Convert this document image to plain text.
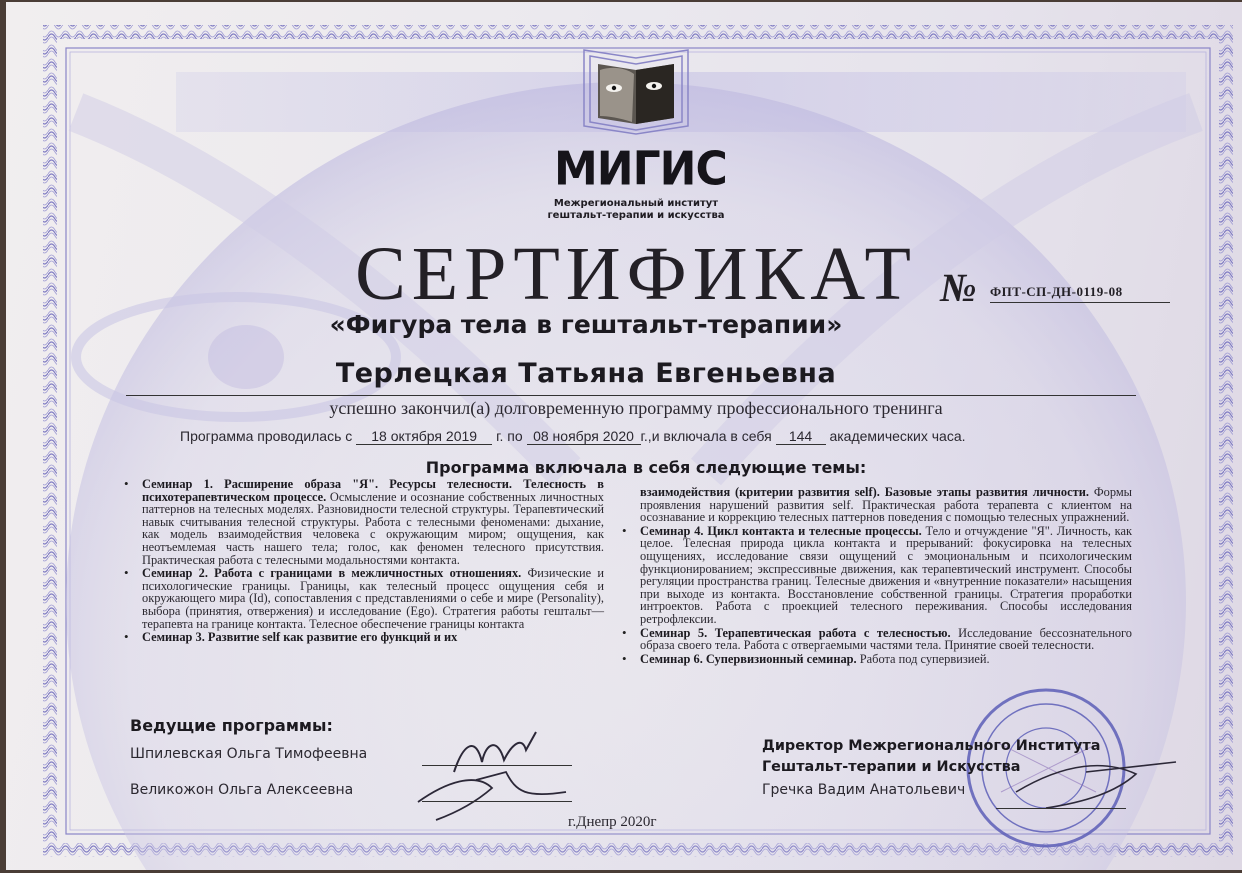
МИГИС
Межрегиональный институт
гештальт-терапии и искусства
СЕРТИФИКАТ № ФПТ-СП-ДН-0119-08
«Фигура тела в гештальт-терапии»
Терлецкая Татьяна Евгеньевна
успешно закончил(а) долговременную программу профессионального тренинга
Программа проводилась с 18 октября 2019 г. по 08 ноября 2020 г.,и включала в себя 144 академических часа.
Программа включала в себя следующие темы:

• Семинар 1. Расширение образа "Я". Ресурсы телесности. Телесность в психотерапевтическом процессе. Осмысление и осознание собственных личностных паттернов на телесных моделях. Разновидности телесной структуры. Терапевтический навык считывания телесной структуры. Работа с телесными феноменами: дыхание, как модель взаимодействия человека с окружающим миром; ощущения, как неотъемлемая часть нашего тела; голос, как феномен телесного присутствия. Практическая работа с телесными модальностями контакта.

• Семинар 2. Работа с границами в межличностных отношениях. Физические и психологические границы. Границы, как телесный процесс ощущения себя и окружающего мира (Id), сопоставления с представлениями о себе и мире (Personality), выбора (принятия, отвержения) и исследование (Ego). Стратегия работы гештальт—терапевта на границе контакта. Телесное обеспечение границы контакта

• Семинар 3. Развитие self как развитие его функций и их

взаимодействия (критерии развития self). Базовые этапы развития личности. Формы проявления нарушений развития self. Практическая работа терапевта с клиентом на осознавание и коррекцию телесных паттернов поведения с помощью телесных упражнений.

• Семинар 4. Цикл контакта и телесные процессы. Тело и отчуждение "Я". Личность, как целое. Телесная природа цикла контакта и прерываний: фокусировка на телесных ощущениях, исследование связи ощущений с эмоциональным и психологическим функционированием; экспрессивные движения, как терапевтический инструмент. Способы регуляции пространства границ. Телесные движения и «внутренние показатели» насыщения при выходе из контакта. Восстановление собственной границы. Стратегия проработки интроектов. Работа с проекцией телесного переживания. Способы исследования ретрофлексии.

• Семинар 5. Терапевтическая работа с телесностью. Исследование бессознательного образа своего тела. Работа с отвергаемыми частями тела. Принятие своей телесности.

• Семинар 6. Супервизионный семинар. Работа под супервизией.

Ведущие программы:
Шпилевская Ольга Тимофеевна
Великожон Ольга Алексеевна
Директор Межрегионального Института
Гештальт-терапии и Искусства
Гречка Вадим Анатольевич
г.Днепр 2020г
